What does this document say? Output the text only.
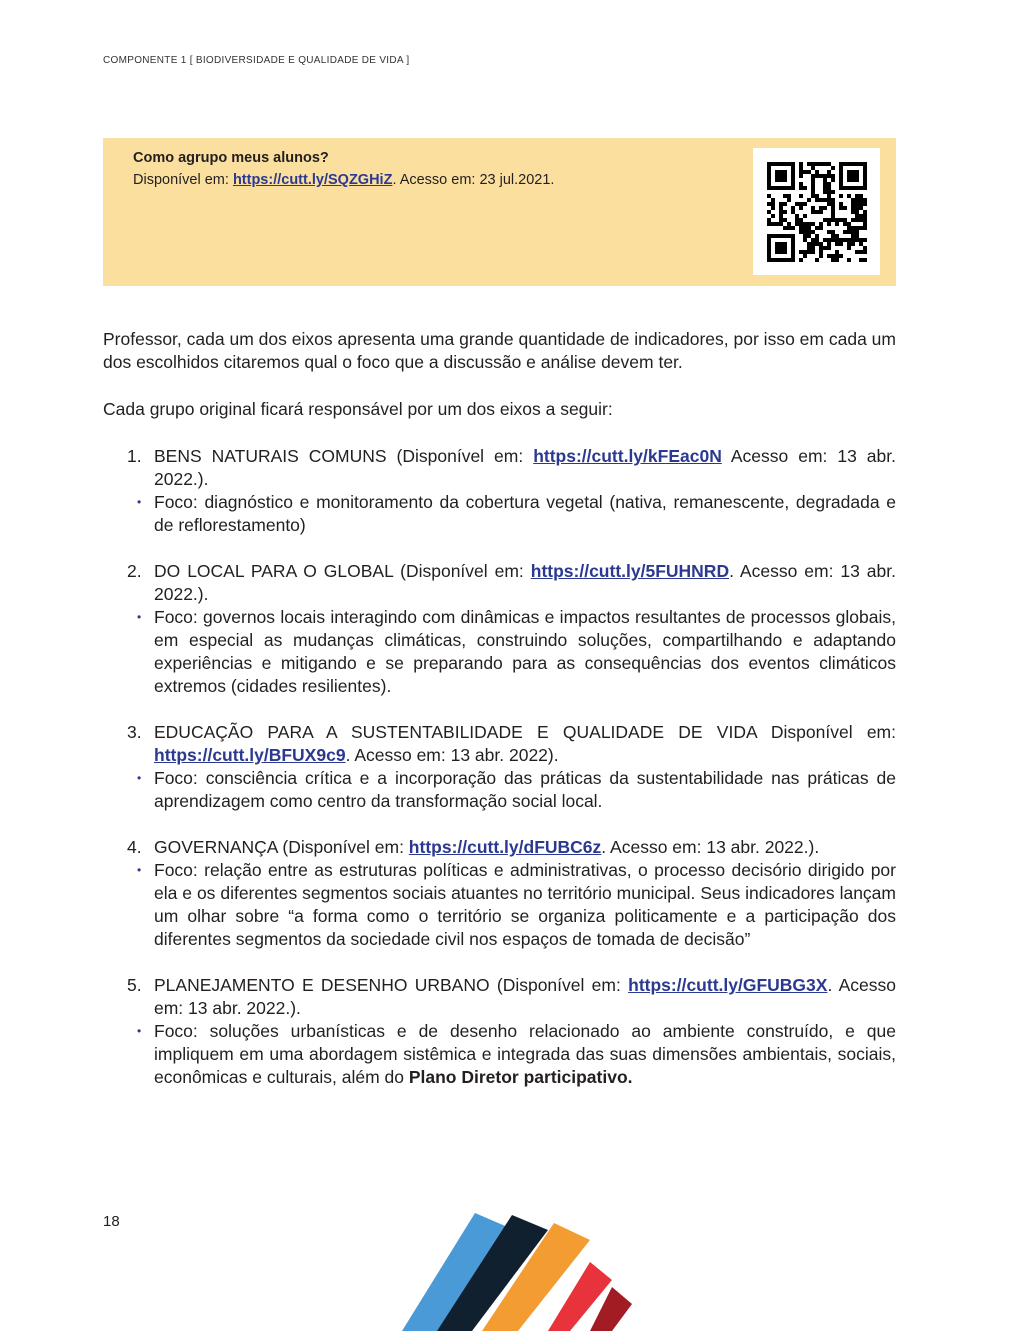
COMPONENTE 1 [ BIODIVERSIDADE E QUALIDADE DE VIDA ]
Como agrupo meus alunos?
Disponível em: https://cutt.ly/SQZGHiZ. Acesso em: 23 jul.2021.

Professor, cada um dos eixos apresenta uma grande quantidade de indicadores, por isso em cada um dos escolhidos citaremos qual o foco que a discussão e análise devem ter.

Cada grupo original ficará responsável por um dos eixos a seguir:

1. BENS NATURAIS COMUNS (Disponível em: https://cutt.ly/kFEac0N Acesso em: 13 abr. 2022.).
• Foco: diagnóstico e monitoramento da cobertura vegetal (nativa, remanescente, degradada e de reflorestamento)
2. DO LOCAL PARA O GLOBAL (Disponível em: https://cutt.ly/5FUHNRD. Acesso em: 13 abr. 2022.).
• Foco: governos locais interagindo com dinâmicas e impactos resultantes de processos globais, em especial as mudanças climáticas, construindo soluções, compartilhando e adaptando experiências e mitigando e se preparando para as consequências dos eventos climáticos extremos (cidades resilientes).
3. EDUCAÇÃO PARA A SUSTENTABILIDADE E QUALIDADE DE VIDA Disponível em: https://cutt.ly/BFUX9c9. Acesso em: 13 abr. 2022).
• Foco: consciência crítica e a incorporação das práticas da sustentabilidade nas práticas de aprendizagem como centro da transformação social local.
4. GOVERNANÇA (Disponível em: https://cutt.ly/dFUBC6z. Acesso em: 13 abr. 2022.).
• Foco: relação entre as estruturas políticas e administrativas, o processo decisório dirigido por ela e os diferentes segmentos sociais atuantes no território municipal. Seus indicadores lançam um olhar sobre “a forma como o território se organiza politicamente e a participação dos diferentes segmentos da sociedade civil nos espaços de tomada de decisão”
5. PLANEJAMENTO E DESENHO URBANO (Disponível em: https://cutt.ly/GFUBG3X. Acesso em: 13 abr. 2022.).
• Foco: soluções urbanísticas e de desenho relacionado ao ambiente construído, e que impliquem em uma abordagem sistêmica e integrada das suas dimensões ambientais, sociais, econômicas e culturais, além do Plano Diretor participativo.
18
